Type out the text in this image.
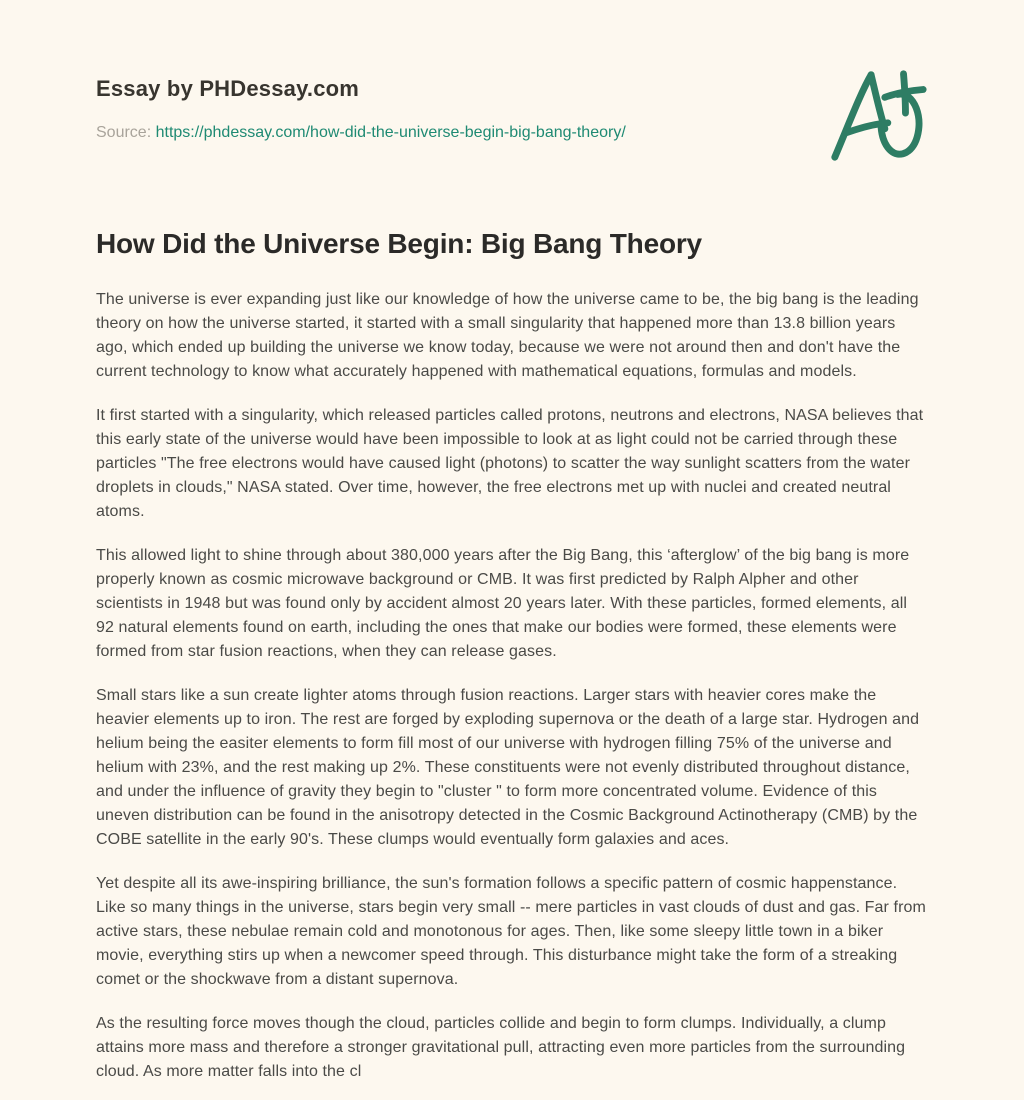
Essay by PHDessay.com
Source: https://phdessay.com/how-did-the-universe-begin-big-bang-theory/
How Did the Universe Begin: Big Bang Theory

The universe is ever expanding just like our knowledge of how the universe came to be, the big bang is the leading theory on how the universe started, it started with a small singularity that happened more than 13.8 billion years ago, which ended up building the universe we know today, because we were not around then and don't have the current technology to know what accurately happened with mathematical equations, formulas and models.

It first started with a singularity, which released particles called protons, neutrons and electrons, NASA believes that this early state of the universe would have been impossible to look at as light could not be carried through these particles "The free electrons would have caused light (photons) to scatter the way sunlight scatters from the water droplets in clouds," NASA stated. Over time, however, the free electrons met up with nuclei and created neutral atoms.

This allowed light to shine through about 380,000 years after the Big Bang, this ‘afterglow’ of the big bang is more properly known as cosmic microwave background or CMB. It was first predicted by Ralph Alpher and other scientists in 1948 but was found only by accident almost 20 years later. With these particles, formed elements, all 92 natural elements found on earth, including the ones that make our bodies were formed, these elements were formed from star fusion reactions, when they can release gases.

Small stars like a sun create lighter atoms through fusion reactions. Larger stars with heavier cores make the heavier elements up to iron. The rest are forged by exploding supernova or the death of a large star. Hydrogen and helium being the easiter elements to form fill most of our universe with hydrogen filling 75% of the universe and helium with 23%, and the rest making up 2%. These constituents were not evenly distributed throughout distance, and under the influence of gravity they begin to "cluster " to form more concentrated volume. Evidence of this uneven distribution can be found in the anisotropy detected in the Cosmic Background Actinotherapy (CMB) by the COBE satellite in the early 90's. These clumps would eventually form galaxies and aces.

Yet despite all its awe-inspiring brilliance, the sun's formation follows a specific pattern of cosmic happenstance. Like so many things in the universe, stars begin very small -- mere particles in vast clouds of dust and gas. Far from active stars, these nebulae remain cold and monotonous for ages. Then, like some sleepy little town in a biker movie, everything stirs up when a newcomer speed through. This disturbance might take the form of a streaking comet or the shockwave from a distant supernova.

As the resulting force moves though the cloud, particles collide and begin to form clumps. Individually, a clump attains more mass and therefore a stronger gravitational pull, attracting even more particles from the surrounding cloud. As more matter falls into the cl
